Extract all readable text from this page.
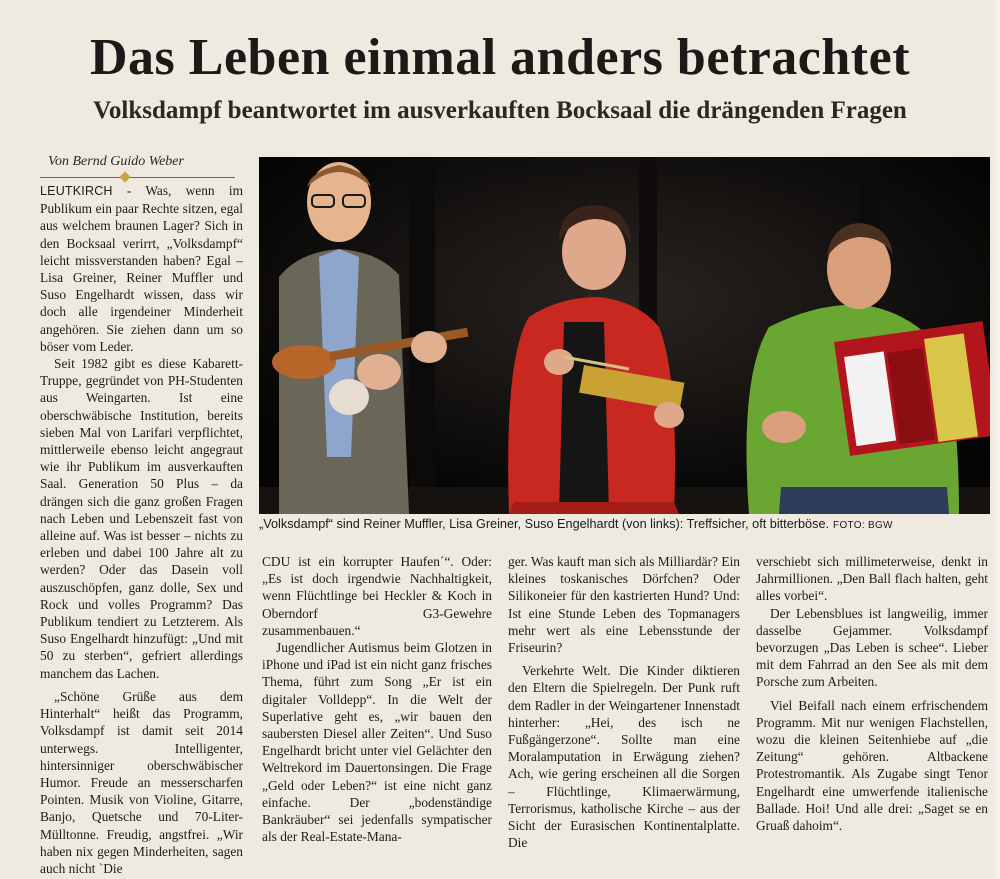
Das Leben einmal anders betrachtet
Volksdampf beantwortet im ausverkauften Bocksaal die drängenden Fragen
Von Bernd Guido Weber

LEUTKIRCH - Was, wenn im Publikum ein paar Rechte sitzen, egal aus welchem braunen Lager? Sich in den Bocksaal verirrt, „Volksdampf“ leicht missverstanden haben? Egal – Lisa Greiner, Reiner Muffler und Suso Engelhardt wissen, dass wir doch alle irgendeiner Minderheit angehören. Sie ziehen dann um so böser vom Leder.

Seit 1982 gibt es diese Kabarett-Truppe, gegründet von PH-Studenten aus Weingarten. Ist eine oberschwäbische Institution, bereits sieben Mal von Larifari verpflichtet, mittlerweile ebenso leicht angegraut wie ihr Publikum im ausverkauften Saal. Generation 50 Plus – da drängen sich die ganz großen Fragen nach Leben und Lebenszeit fast von alleine auf. Was ist besser – nichts zu erleben und dabei 100 Jahre alt zu werden? Oder das Dasein voll auszuschöpfen, ganz dolle, Sex und Rock und volles Programm? Das Publikum tendiert zu Letzterem. Als Suso Engelhardt hinzufügt: „Und mit 50 zu sterben“, gefriert allerdings manchem das Lachen.

„Schöne Grüße aus dem Hinterhalt“ heißt das Programm, Volksdampf ist damit seit 2014 unterwegs. Intelligenter, hintersinniger oberschwäbischer Humor. Freude an messerscharfen Pointen. Musik von Violine, Gitarre, Banjo, Quetsche und 70-Liter-Mülltonne. Freudig, angstfrei. „Wir haben nix gegen Minderheiten, sagen auch nicht `Die

„Volksdampf“ sind Reiner Muffler, Lisa Greiner, Suso Engelhardt (von links): Treffsicher, oft bitterböse. FOTO: BGW

CDU ist ein korrupter Haufen´“. Oder: „Es ist doch irgendwie Nachhaltigkeit, wenn Flüchtlinge bei Heckler & Koch in Oberndorf G3-Gewehre zusammenbauen.“

Jugendlicher Autismus beim Glotzen in iPhone und iPad ist ein nicht ganz frisches Thema, führt zum Song „Er ist ein digitaler Volldepp“. In die Welt der Superlative geht es, „wir bauen den saubersten Diesel aller Zeiten“. Und Suso Engelhardt bricht unter viel Gelächter den Weltrekord im Dauertonsingen. Die Frage „Geld oder Leben?“ ist eine nicht ganz einfache. Der „bodenständige Bankräuber“ sei jedenfalls sympatischer als der Real-Estate-Mana-

ger. Was kauft man sich als Milliardär? Ein kleines toskanisches Dörfchen? Oder Silikoneier für den kastrierten Hund? Und: Ist eine Stunde Leben des Topmanagers mehr wert als eine Lebensstunde der Friseurin?

Verkehrte Welt. Die Kinder diktieren den Eltern die Spielregeln. Der Punk ruft dem Radler in der Weingartener Innenstadt hinterher: „Hei, des isch ne Fußgängerzone“. Sollte man eine Moralamputation in Erwägung ziehen? Ach, wie gering erscheinen all die Sorgen – Flüchtlinge, Klimaerwärmung, Terrorismus, katholische Kirche – aus der Sicht der Eurasischen Kontinentalplatte. Die

verschiebt sich millimeterweise, denkt in Jahrmillionen. „Den Ball flach halten, geht alles vorbei“.

Der Lebensblues ist langweilig, immer dasselbe Gejammer. Volksdampf bevorzugen „Das Leben is schee“. Lieber mit dem Fahrrad an den See als mit dem Porsche zum Arbeiten.

Viel Beifall nach einem erfrischendem Programm. Mit nur wenigen Flachstellen, wozu die kleinen Seitenhiebe auf „die Zeitung“ gehören. Altbackene Protestromantik. Als Zugabe singt Tenor Engelhardt eine umwerfende italienische Ballade. Hoi! Und alle drei: „Saget se en Gruaß dahoim“.
